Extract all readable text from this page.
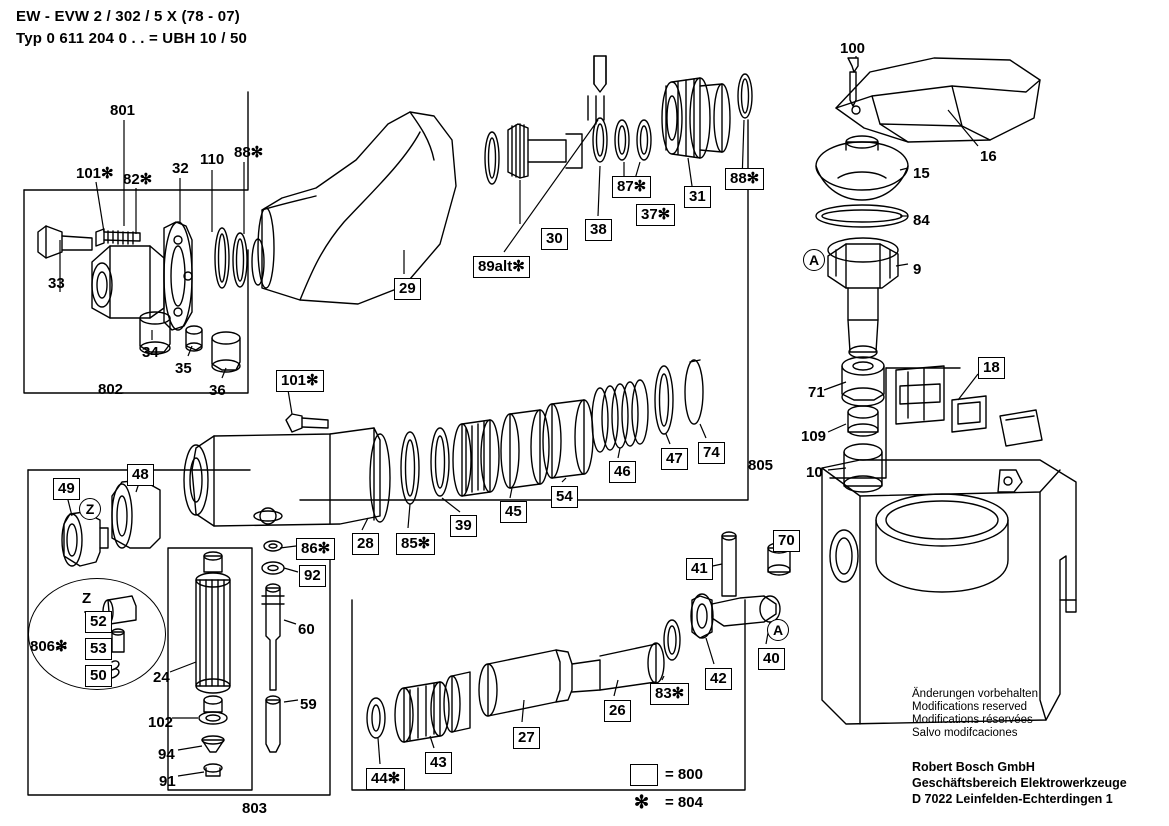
EW - EVW 2 / 302 / 5 X (78 - 07)
Typ 0 611 204 0 . . = UBH 10 / 50
801
101✻ 82✻
32
110 88✻
33
34
35
36
802
29
89alt✻
30
38
37✻
87✻
31
88✻
100
16
15
84
9
A
18
71
109
10
805
101✻
49
48
Z
28	85✻
39
45
54
46
47	74
86✻
92
60
59
24
102
94
91
803
806✻
Z
52
53
50
44✻
43
27
26
83✻
42
41
70
40
A
= 800
✻ = 804
Änderungen vorbehalten
Modifications reserved
Modifications réservées
Salvo modifcaciones
Robert Bosch GmbH
Geschäftsbereich Elektrowerkzeuge
D 7022 Leinfelden-Echterdingen 1
